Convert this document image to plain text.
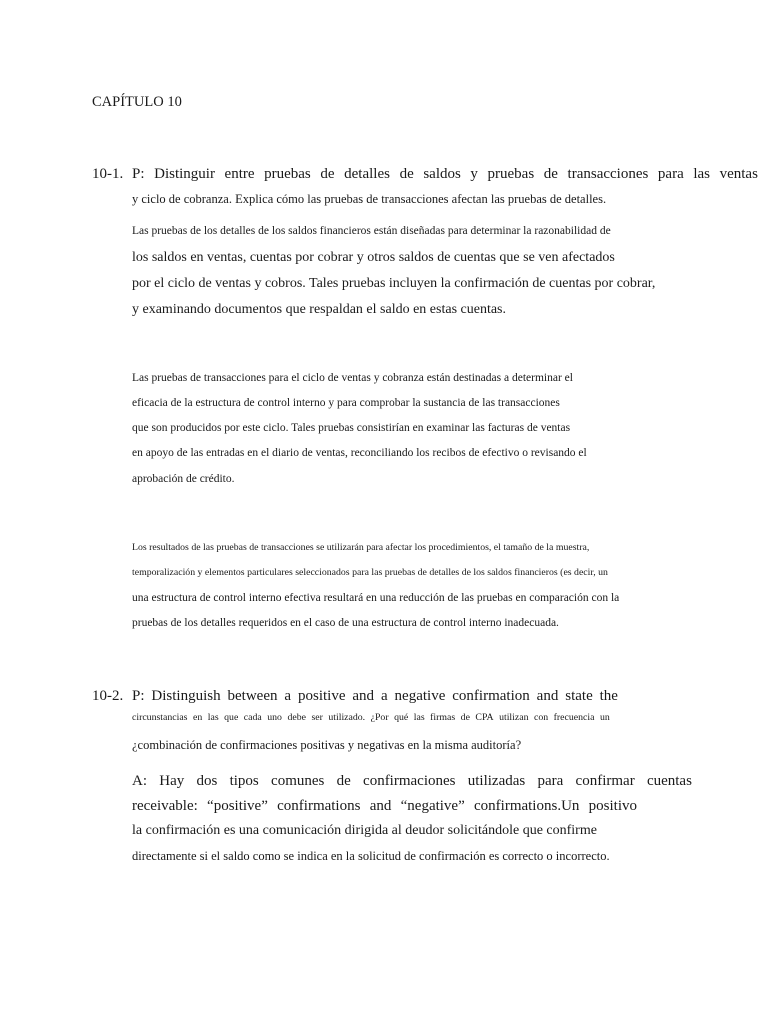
CAPÍTULO 10
10-1. P: Distinguir entre pruebas de detalles de saldos y pruebas de transacciones para las ventas
y ciclo de cobranza. Explica cómo las pruebas de transacciones afectan las pruebas de detalles.
Las pruebas de los detalles de los saldos financieros están diseñadas para determinar la razonabilidad de
los saldos en ventas, cuentas por cobrar y otros saldos de cuentas que se ven afectados
por el ciclo de ventas y cobros. Tales pruebas incluyen la confirmación de cuentas por cobrar,
y examinando documentos que respaldan el saldo en estas cuentas.
Las pruebas de transacciones para el ciclo de ventas y cobranza están destinadas a determinar el
eficacia de la estructura de control interno y para comprobar la sustancia de las transacciones
que son producidos por este ciclo. Tales pruebas consistirían en examinar las facturas de ventas
en apoyo de las entradas en el diario de ventas, reconciliando los recibos de efectivo o revisando el
aprobación de crédito.
Los resultados de las pruebas de transacciones se utilizarán para afectar los procedimientos, el tamaño de la muestra,
temporalización y elementos particulares seleccionados para las pruebas de detalles de los saldos financieros (es decir, un
una estructura de control interno efectiva resultará en una reducción de las pruebas en comparación con la
pruebas de los detalles requeridos en el caso de una estructura de control interno inadecuada.
10-2. P: Distinguish between a positive and a negative confirmation and state the
circunstancias en las que cada uno debe ser utilizado. ¿Por qué las firmas de CPA utilizan con frecuencia un
¿combinación de confirmaciones positivas y negativas en la misma auditoría?
A: Hay dos tipos comunes de confirmaciones utilizadas para confirmar cuentas
receivable: “positive” confirmations and “negative” confirmations.Un positivo
la confirmación es una comunicación dirigida al deudor solicitándole que confirme
directamente si el saldo como se indica en la solicitud de confirmación es correcto o incorrecto.
